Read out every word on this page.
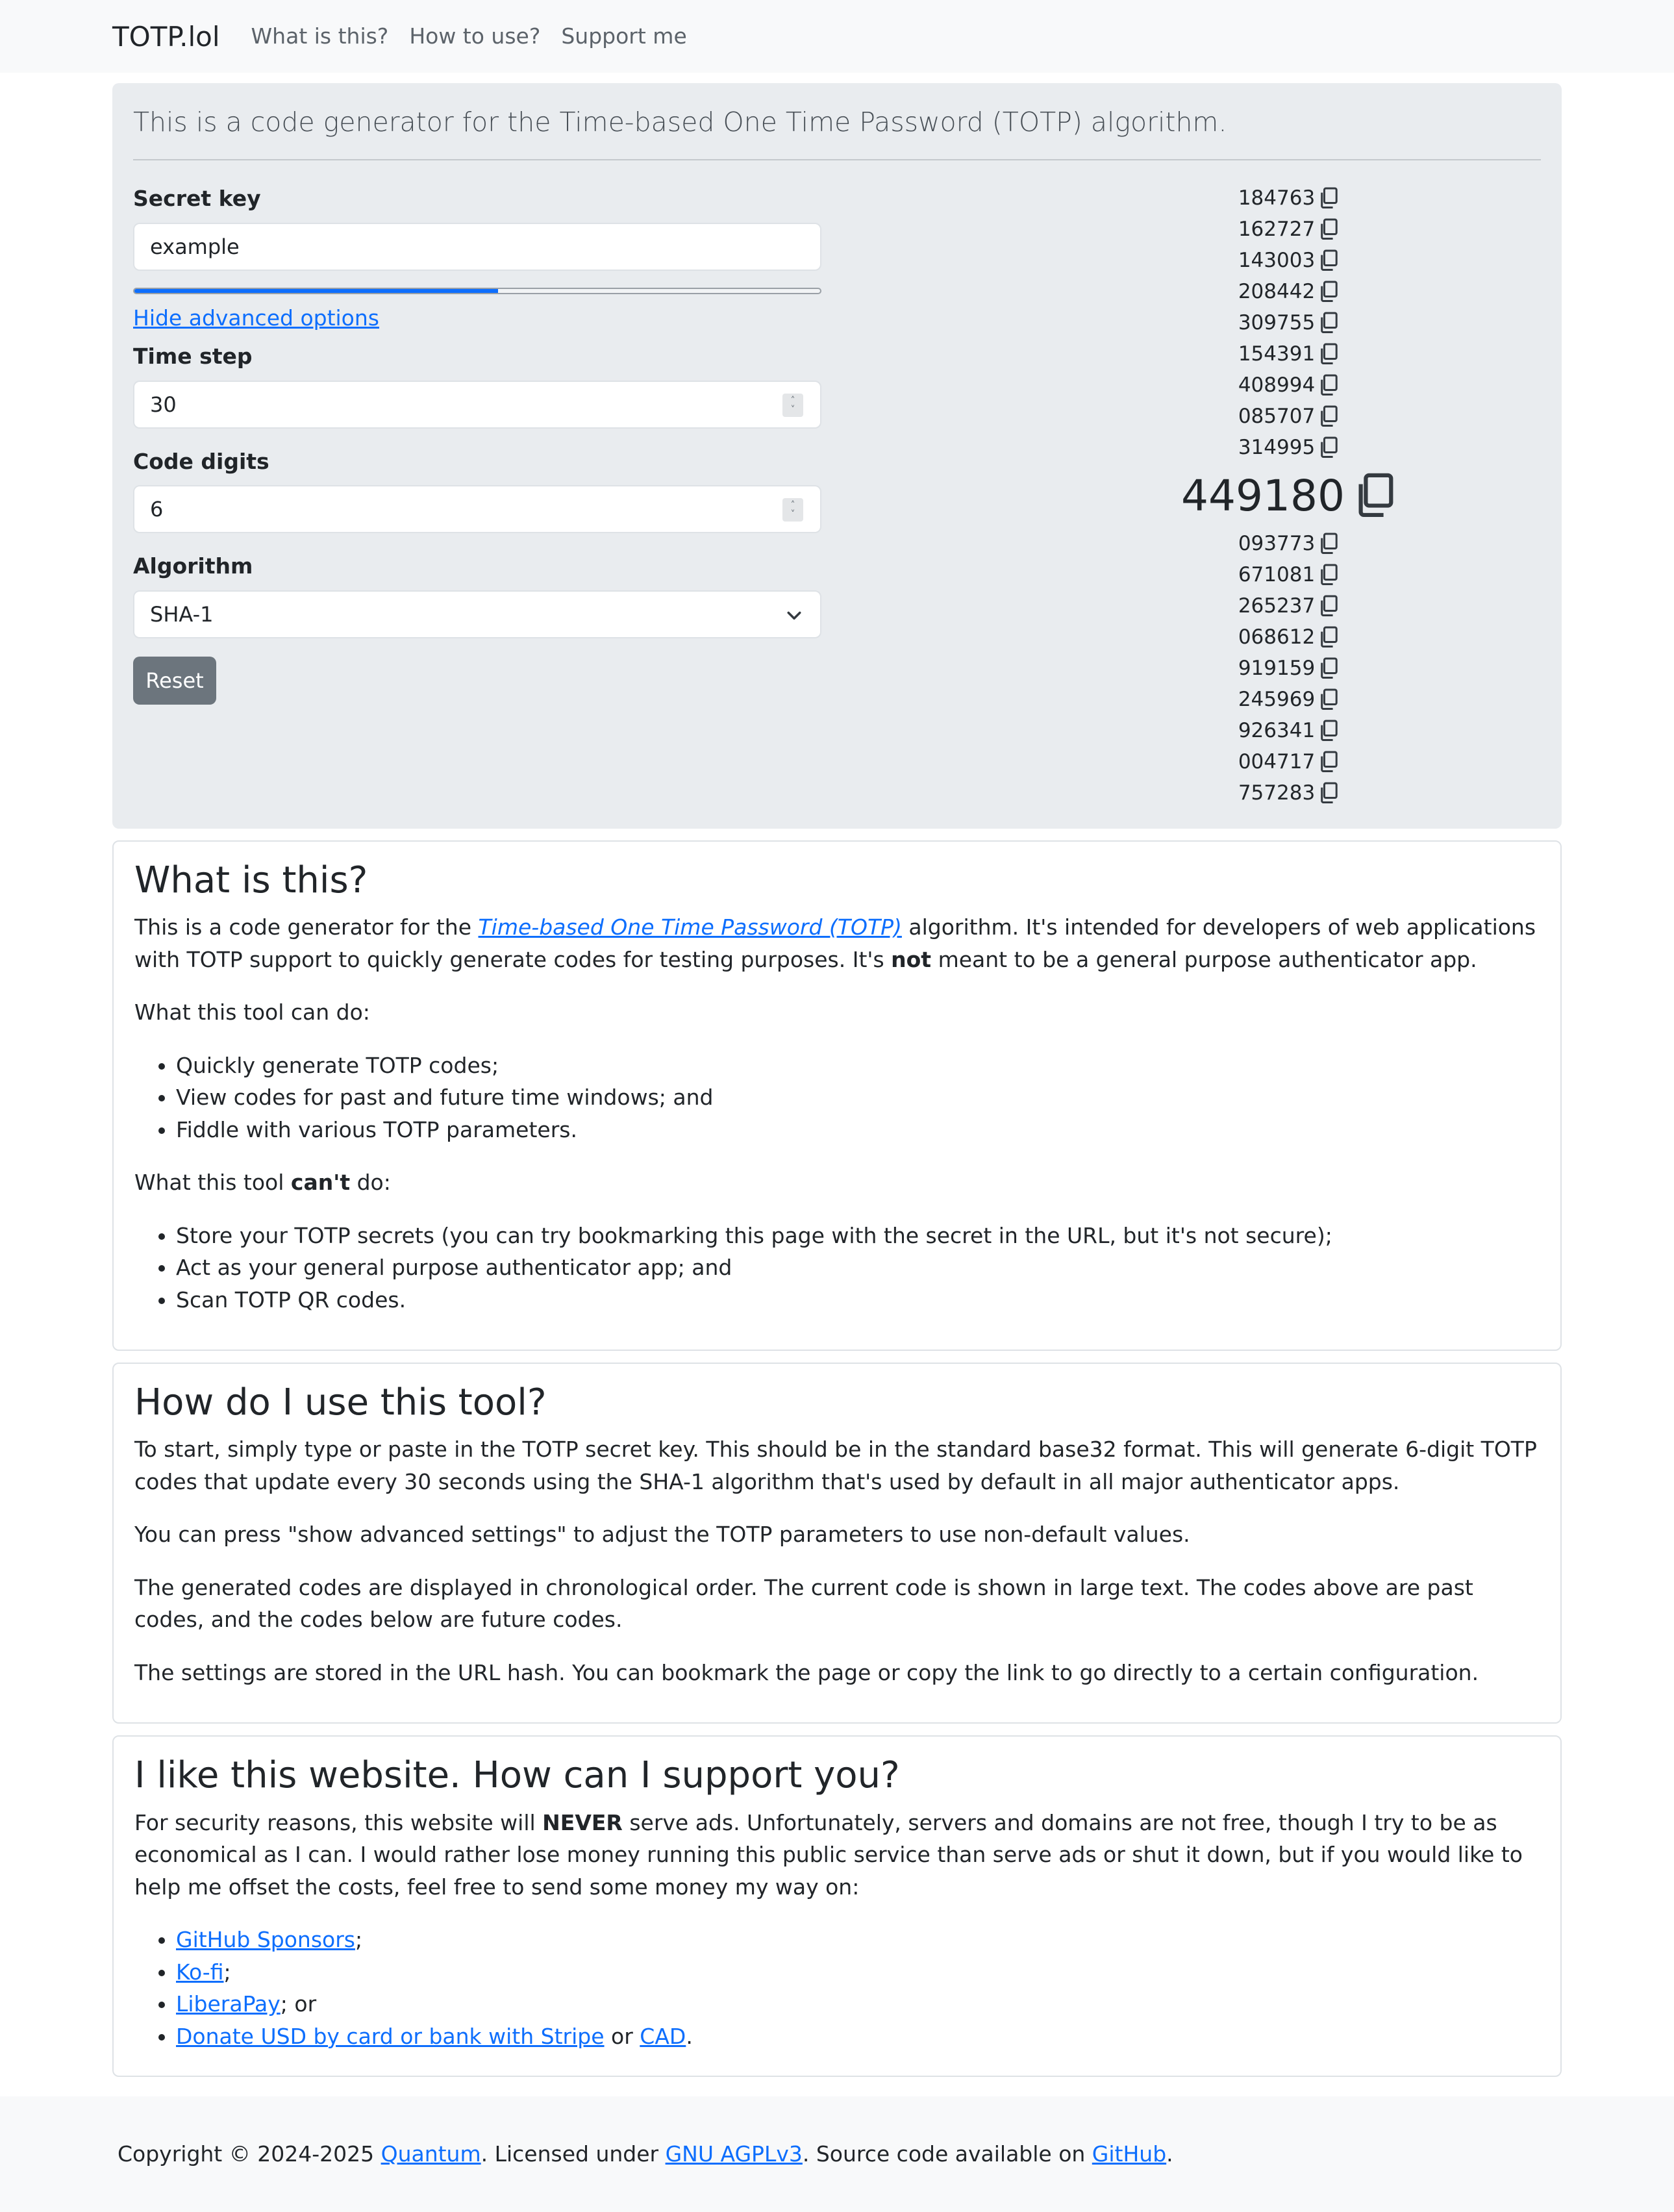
TOTP.lol What is this? How to use? Support me

This is a code generator for the Time-based One Time Password (TOTP) algorithm.

Secret key
example
Hide advanced options
Time step
30	˄
˅
Code digits
6	˄
˅
Algorithm
SHA-1
Reset
184763
162727
143003
208442
309755
154391
408994
085707
314995
449180
093773
671081
265237
068612
919159
245969
926341
004717
757283
What is this?

This is a code generator for the Time-based One Time Password (TOTP) algorithm. It's intended for developers of web applications with TOTP support to quickly generate codes for testing purposes. It's not meant to be a general purpose authenticator app.

What this tool can do:

• Quickly generate TOTP codes;
• View codes for past and future time windows; and
• Fiddle with various TOTP parameters.

What this tool can't do:

• Store your TOTP secrets (you can try bookmarking this page with the secret in the URL, but it's not secure);
• Act as your general purpose authenticator app; and
• Scan TOTP QR codes.
How do I use this tool?

To start, simply type or paste in the TOTP secret key. This should be in the standard base32 format. This will generate 6-digit TOTP codes that update every 30 seconds using the SHA-1 algorithm that's used by default in all major authenticator apps.

You can press "show advanced settings" to adjust the TOTP parameters to use non-default values.

The generated codes are displayed in chronological order. The current code is shown in large text. The codes above are past codes, and the codes below are future codes.

The settings are stored in the URL hash. You can bookmark the page or copy the link to go directly to a certain configuration.

I like this website. How can I support you?

For security reasons, this website will NEVER serve ads. Unfortunately, servers and domains are not free, though I try to be as economical as I can. I would rather lose money running this public service than serve ads or shut it down, but if you would like to help me offset the costs, feel free to send some money my way on:

• GitHub Sponsors;
• Ko-fi;
• LiberaPay; or
• Donate USD by card or bank with Stripe or CAD.
Copyright © 2024-2025 Quantum . Licensed under GNU AGPLv3 . Source code available on GitHub .
